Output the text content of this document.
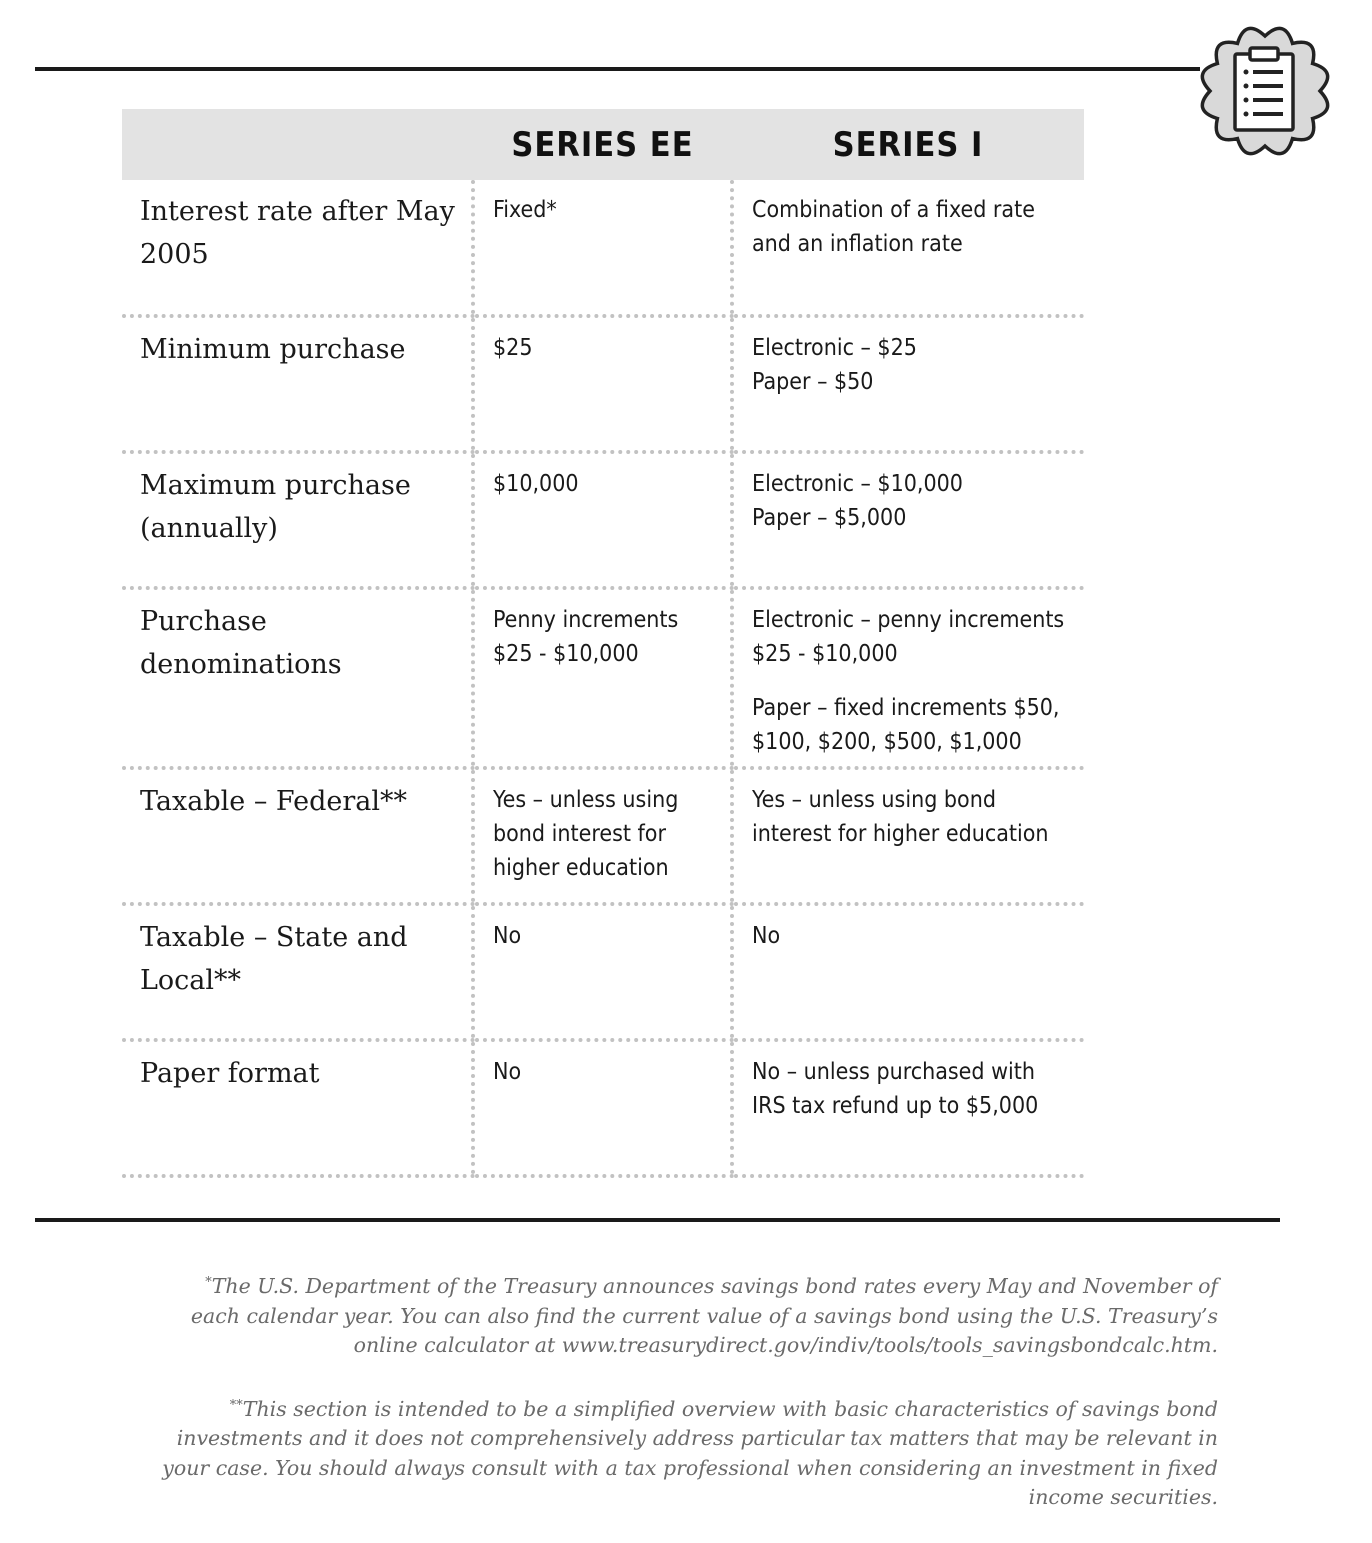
	SERIES EE	SERIES I
Interest rate after May 2005	Fixed*	Combination of a fixed rate and an inflation rate

Minimum purchase	$25	Electronic – $25
Paper – $50

Maximum purchase (annually)	$10,000	Electronic – $10,000
Paper – $5,000

Purchase denominations	Penny increments $25 - $10,000	Electronic – penny increments $25 - $10,000

Paper – fixed increments $50, $100, $200, $500, $1,000

Taxable – Federal**	Yes – unless using bond interest for higher education	Yes – unless using bond interest for higher education

Taxable – State and Local**	No	No

Paper format	No	No – unless purchased with IRS tax refund up to $5,000

*The U.S. Department of the Treasury announces savings bond rates every May and November of each calendar year. You can also find the current value of a savings bond using the U.S. Treasury’s online calculator at www.treasurydirect.gov/indiv/tools/tools_savingsbondcalc.htm.

**This section is intended to be a simplified overview with basic characteristics of savings bond investments and it does not comprehensively address particular tax matters that may be relevant in your case. You should always consult with a tax professional when considering an investment in fixed income securities.
